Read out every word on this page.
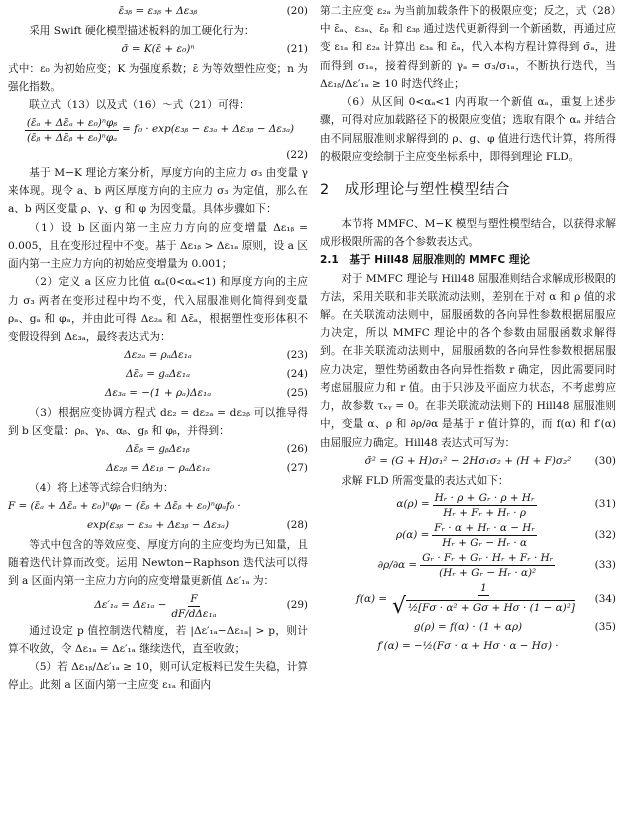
ε̄₃ᵦ = ε₃ᵦ + Δε₃ᵦ	(20)

采用 Swift 硬化模型描述板料的加工硬化行为：

σ̄ = K(ε̄ + ε₀)ⁿ	(21)

式中：ε₀ 为初始应变；K 为强度系数；ε̄ 为等效塑性应变；n 为强化指数。

联立式（13）以及式（16）～式（21）可得：

$\frac{\text{(ε̄ₐ + Δε̄ₐ + ε₀)ⁿφᵦ}}{\text{(ε̄ᵦ + Δε̄ᵦ + ε₀)ⁿφₐ}} = f_0$ · exp(ε₃ᵦ − ε₃ₐ + Δε₃ᵦ − Δε₃ₐ)

(22)

基于 M−K 理论方案分析，厚度方向的主应力 σ₃ 由变量 γ 来体现。现令 a、b 两区厚度方向的主应力 σ₃ 为定值，那么在 a、b 两区变量 ρ、γ、g 和 φ 为因变量。具体步骤如下：

（1）设 b 区面内第一主应力方向的应变增量 Δε₁ᵦ = 0.005，且在变形过程中不变。基于 Δε₁ᵦ > Δε₁ₐ 原则，设 a 区面内第一主应力方向的初始应变增量为 0.001；

（2）定义 a 区应力比值 αₐ(0<αₐ<1) 和厚度方向的主应力 σ₃ 两者在变形过程中均不变，代入屈服准则化简得到变量 ρₐ、gₐ 和 φₐ，并由此可得 Δε₂ₐ 和 Δε̄ₐ，根据塑性变形体积不变假设得到 Δε₃ₐ，最终表达式为：

Δε₂ₐ = ρₐΔε₁ₐ	(23)
Δε̄ₐ = gₐΔε₁ₐ	(24)
Δε₃ₐ = −(1 + ρₐ)Δε₁ₐ	(25)

（3）根据应变协调方程式 dε₂ = dε₂ₐ = dε₂ᵦ 可以推导得到 b 区变量：ρᵦ、γᵦ、αᵦ、gᵦ 和 φᵦ，并得到：

Δε̄ᵦ = gᵦΔε₁ᵦ	(26)
Δε₂ᵦ = Δε₁ᵦ − ρₐΔε₁ₐ	(27)

（4）将上述等式综合归纳为：

F = (ε̄ₐ + Δε̄ₐ + ε₀)ⁿφᵦ − (ε̄ᵦ + Δε̄ᵦ + ε₀)ⁿφₐf₀ ·
exp(ε₃ᵦ − ε₃ₐ + Δε₃ᵦ − Δε₃ₐ)	(28)

等式中包含的等效应变、厚度方向的主应变均为已知量，且随着迭代计算而改变。运用 Newton−Raphson 迭代法可以得到 a 区面内第一主应力方向的应变增量更新值 Δε′₁ₐ 为：

$\Delta\varepsilon'_{1a} = \Delta\varepsilon_{1a} - \frac{F}{\text{dF/dΔε₁ₐ}}$	(29)

通过设定 p 值控制迭代精度，若 |Δε′₁ₐ−Δε₁ₐ| > p，则计算不收敛，令 Δε₁ₐ = Δε′₁ₐ 继续迭代，直至收敛；

（5）若 Δε₁ᵦ/Δε′₁ₐ ≥ 10，则可认定板料已发生失稳，计算停止。此刻 a 区面内第一主应变 ε₁ₐ 和面内

第二主应变 ε₂ₐ 为当前加载条件下的极限应变；反之，式（28）中 ε̄ₐ、ε₃ₐ、ε̄ᵦ 和 ε₃ᵦ 通过迭代更新得到一个新函数，再通过应变 ε₁ₐ 和 ε₂ₐ 计算出 ε₃ₐ 和 ε̄ₐ，代入本构方程计算得到 σ̄ₐ，进而得到 σ₁ₐ，接着得到新的 γₐ = σ₃/σ₁ₐ，不断执行迭代，当 Δε₁ᵦ/Δε′₁ₐ ≥ 10 时迭代终止；

（6）从区间 0<αₐ<1 内再取一个新值 αₐ，重复上述步骤，可得对应加载路径下的极限应变值；选取有限个 αₐ 并结合由不同屈服准则求解得到的 ρ、g、φ 值进行迭代计算，将所得的极限应变绘制于主应变坐标系中，即得到理论 FLD。

2　成形理论与塑性模型结合

本节将 MMFC、M−K 模型与塑性模型结合，以获得求解成形极限所需的各个参数表达式。

2.1　基于 Hill48 屈服准则的 MMFC 理论

对于 MMFC 理论与 Hill48 屈服准则结合求解成形极限的方法，采用关联和非关联流动法则，差别在于对 α 和 ρ 值的求解。在关联流动法则中，屈服函数的各向异性参数根据屈服应力决定，所以 MMFC 理论中的各个参数由屈服函数求解得到。在非关联流动法则中，屈服函数的各向异性参数根据屈服应力决定，塑性势函数由各向异性指数 r 确定，因此需要同时考虑屈服应力和 r 值。由于只涉及平面应力状态，不考虑剪应力，故参数 τₓᵧ = 0。在非关联流动法则下的 Hill48 屈服准则中，变量 α、ρ 和 ∂ρ/∂α 是基于 r 值计算的，而 f(α) 和 f′(α) 由屈服应力确定。Hill48 表达式可写为：

σ̄² = (G + H)σ₁² − 2Hσ₁σ₂ + (H + F)σ₂² (30)

求解 FLD 所需变量的表达式如下：

$\alpha(\rho) = \frac{\text{Hᵣ · ρ + Gᵣ · ρ + Hᵣ}}{\text{Hᵣ + Fᵣ + Hᵣ · ρ}}$	(31)
$\rho(\alpha) = \frac{\text{Fᵣ · α + Hᵣ · α − Hᵣ}}{\text{Hᵣ + Gᵣ − Hᵣ · α}}$	(32)
$\partial\rho/\partial\alpha = \frac{\text{Gᵣ · Fᵣ + Gᵣ · Hᵣ + Fᵣ · Hᵣ}}{\text{(Hᵣ + Gᵣ − Hᵣ · α)²}}$	(33)
$f(\alpha) = \frac{1}{\text{√ ½[Fσ · α² + Gσ + Hσ · (1 − α)²]}} (34)$
g(ρ) = f(α) · (1 + αρ)	(35)
f′(α) = −½(Fσ · α + Hσ · α − Hσ) ·
